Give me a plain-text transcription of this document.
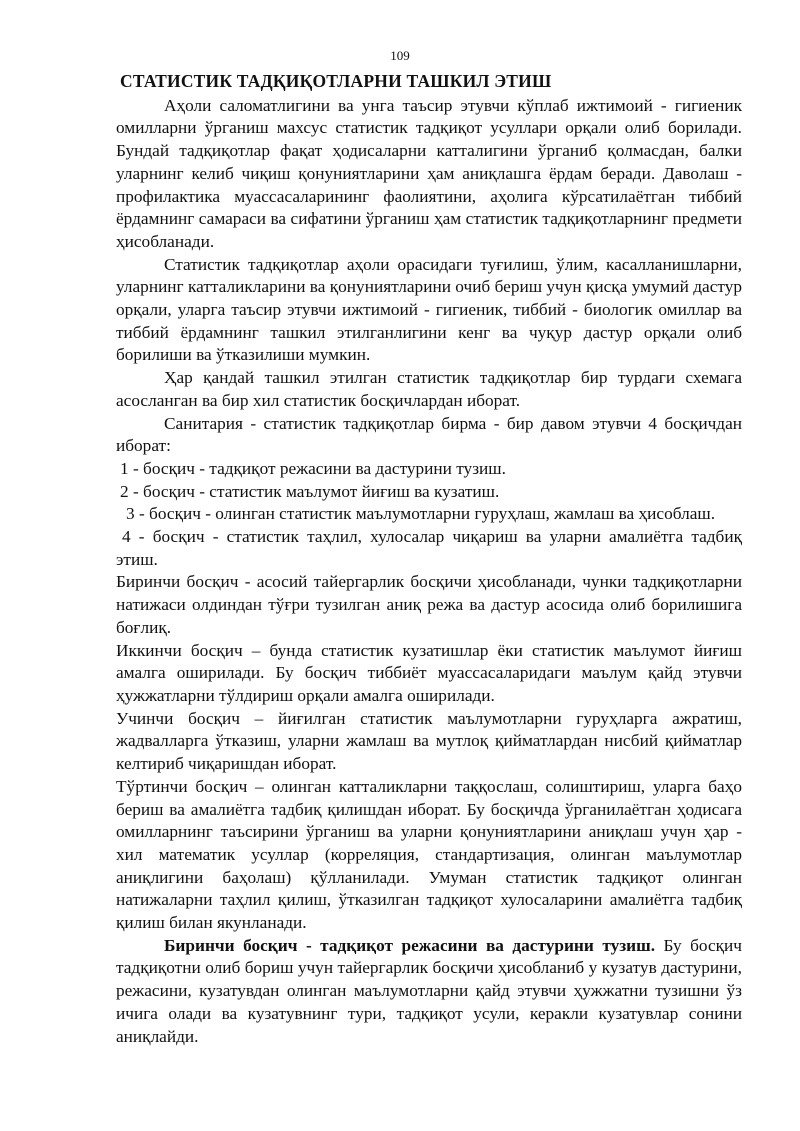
109
СТАТИСТИК ТАДҚИҚОТЛАРНИ ТАШКИЛ ЭТИШ

Аҳоли саломатлигини ва унга таъсир этувчи кўплаб ижтимоий - гигиеник омилларни ўрганиш махсус статистик тадқиқот усуллари орқали олиб борилади. Бундай тадқиқотлар фақат ҳодисаларни катталигини ўрганиб қолмасдан, балки уларнинг келиб чиқиш қонуниятларини ҳам аниқлашга ёрдам беради. Даволаш - профилактика муассасаларининг фаолиятини, аҳолига кўрсатилаётган тиббий ёрдамнинг самараси ва сифатини ўрганиш ҳам статистик тадқиқотларнинг предмети ҳисобланади.

Статистик тадқиқотлар аҳоли орасидаги туғилиш, ўлим, касалланишларни, уларнинг катталикларини ва қонуниятларини очиб бериш учун қисқа умумий дастур орқали, уларга таъсир этувчи ижтимоий - гигиеник, тиббий - биологик омиллар ва тиббий ёрдамнинг ташкил этилганлигини кенг ва чуқур дастур орқали олиб борилиши ва ўтказилиши мумкин.

Ҳар қандай ташкил этилган статистик тадқиқотлар бир турдаги схемага асосланган ва бир хил статистик босқичлардан иборат.

Санитария - статистик тадқиқотлар бирма - бир давом этувчи 4 босқичдан иборат:

1 - босқич - тадқиқот режасини ва дастурини тузиш.

2 - босқич - статистик маълумот йиғиш ва кузатиш.

3 - босқич - олинган статистик маълумотларни гуруҳлаш, жамлаш ва ҳисоблаш.

4 - босқич - статистик таҳлил, хулосалар чиқариш ва уларни амалиётга тадбиқ этиш.

Биринчи босқич - асосий тайергарлик босқичи ҳисобланади, чунки тадқиқотларни натижаси олдиндан тўғри тузилган аниқ режа ва дастур асосида олиб борилишига боғлиқ.

Иккинчи босқич – бунда статистик кузатишлар ёки статистик маълумот йиғиш амалга оширилади. Бу босқич тиббиёт муассасаларидаги маълум қайд этувчи ҳужжатларни тўлдириш орқали амалга оширилади.

Учинчи босқич – йиғилган статистик маълумотларни гуруҳларга ажратиш, жадвалларга ўтказиш, уларни жамлаш ва мутлоқ қийматлардан нисбий қийматлар келтириб чиқаришдан иборат.

Тўртинчи босқич – олинган катталикларни таққослаш, солиштириш, уларга баҳо бериш ва амалиётга тадбиқ қилишдан иборат. Бу босқичда ўрганилаётган ҳодисага омилларнинг таъсирини ўрганиш ва уларни қонуниятларини аниқлаш учун ҳар - хил математик усуллар (корреляция, стандартизация, олинган маълумотлар аниқлигини баҳолаш) қўлланилади. Умуман статистик тадқиқот олинган натижаларни таҳлил қилиш, ўтказилган тадқиқот хулосаларини амалиётга тадбиқ қилиш билан якунланади.

Биринчи босқич - тадқиқот режасини ва дастурини тузиш. Бу босқич тадқиқотни олиб бориш учун тайергарлик босқичи ҳисобланиб у кузатув дастурини, режасини, кузатувдан олинган маълумотларни қайд этувчи ҳужжатни тузишни ўз ичига олади ва кузатувнинг тури, тадқиқот усули, керакли кузатувлар сонини аниқлайди.
